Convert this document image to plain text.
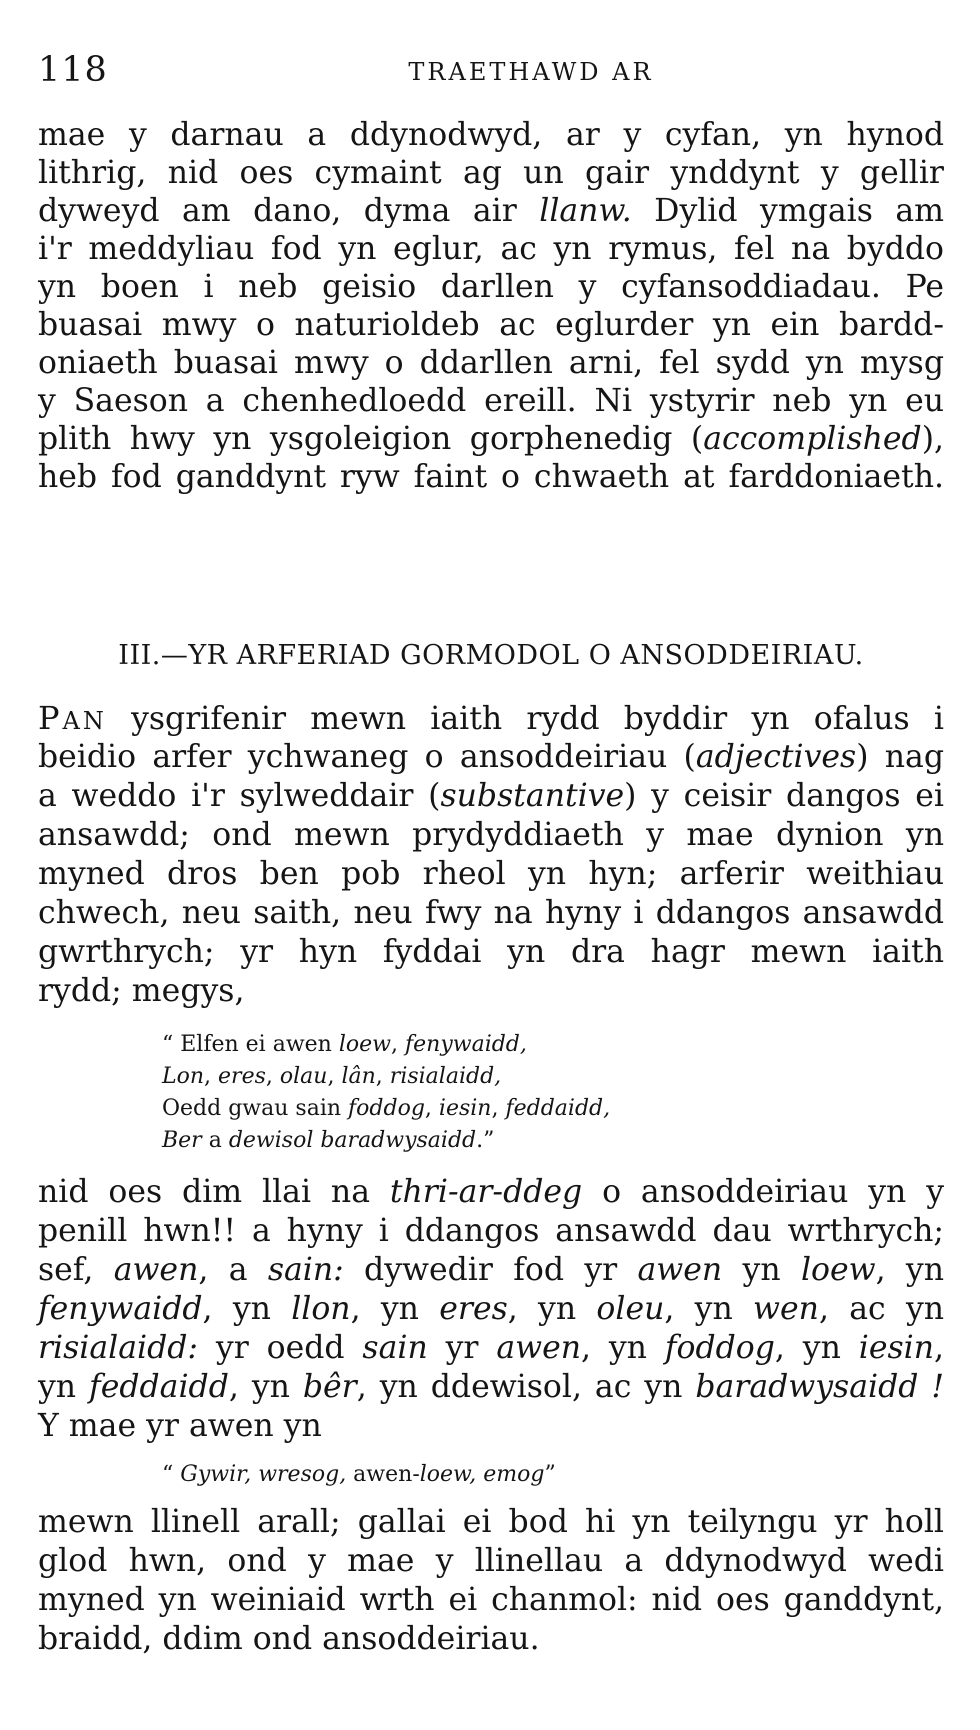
118	TRAETHAWD AR
mae y darnau a ddynodwyd, ar y cyfan, yn hynod
lithrig, nid oes cymaint ag un gair ynddynt y gellir
dyweyd am dano, dyma air llanw. Dylid ymgais am
i'r meddyliau fod yn eglur, ac yn rymus, fel na byddo
yn boen i neb geisio darllen y cyfansoddiadau. Pe
buasai mwy o naturioldeb ac eglurder yn ein bardd-
oniaeth buasai mwy o ddarllen arni, fel sydd yn mysg
y Saeson a chenhedloedd ereill. Ni ystyrir neb yn eu
plith hwy yn ysgoleigion gorphenedig (accomplished),
heb fod ganddynt ryw faint o chwaeth at farddoniaeth.
III.—YR ARFERIAD GORMODOL O ANSODDEIRIAU.
PAN ysgrifenir mewn iaith rydd byddir yn ofalus i
beidio arfer ychwaneg o ansoddeiriau (adjectives) nag
a weddo i'r sylweddair (substantive) y ceisir dangos ei
ansawdd; ond mewn prydyddiaeth y mae dynion yn
myned dros ben pob rheol yn hyn; arferir weithiau
chwech, neu saith, neu fwy na hyny i ddangos ansawdd
gwrthrych; yr hyn fyddai yn dra hagr mewn iaith
rydd; megys,
“ Elfen ei awen loew, fenywaidd,
Lon, eres, olau, lân, risialaidd,
Oedd gwau sain foddog, iesin, feddaidd,
Ber a dewisol baradwysaidd.”
nid oes dim llai na thri-ar-ddeg o ansoddeiriau yn y
penill hwn!! a hyny i ddangos ansawdd dau wrthrych;
sef, awen, a sain: dywedir fod yr awen yn loew, yn
fenywaidd, yn llon, yn eres, yn oleu, yn wen, ac yn
risialaidd: yr oedd sain yr awen, yn foddog, yn iesin,
yn feddaidd, yn bêr, yn ddewisol, ac yn baradwysaidd !
Y mae yr awen yn
“ Gywir, wresog, awen-loew, emog”
mewn llinell arall; gallai ei bod hi yn teilyngu yr holl
glod hwn, ond y mae y llinellau a ddynodwyd wedi
myned yn weiniaid wrth ei chanmol: nid oes ganddynt,
braidd, ddim ond ansoddeiriau.
